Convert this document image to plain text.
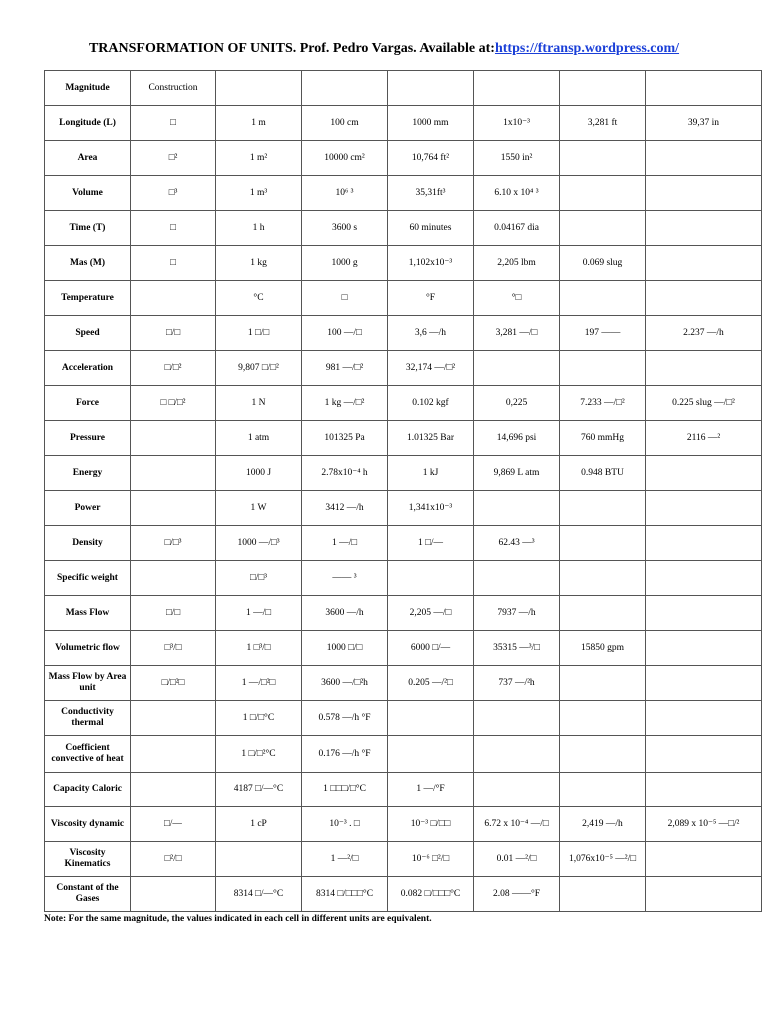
TRANSFORMATION OF UNITS. Prof. Pedro Vargas. Available at:https://ftransp.wordpress.com/
Magnitude	Construction						
Longitude (L)	□	1 m	100 cm	1000 mm	1x10⁻³	3,281 ft	39,37 in
Area	□²	1 m²	10000 cm²	10,764 ft²	1550 in²		
Volume	□³	1 m³	10⁶ ³	35,31ft³	6.10 x 10⁴ ³		
Time (T)	□	1 h	3600 s	60 minutes	0.04167 dia		
Mas (M)	□	1 kg	1000 g	1,102x10⁻³	2,205 lbm	0.069 slug	
Temperature		°C	□	°F	°□		
Speed	□/□	1 □/□	100 —/□	3,6 —/h	3,281 —/□	197 ——	2.237 —/h
Acceleration	□/□²	9,807 □/□²	981 —/□²	32,174 —/□²			
Force	□ □/□²	1 N	1 kg —/□²	0.102 kgf	0,225	7.233 —/□²	0.225 slug —/□²
Pressure		1 atm	101325 Pa	1.01325 Bar	14,696 psi	760 mmHg	2116 —²
Energy		1000 J	2.78x10⁻⁴ h	1 kJ	9,869 L atm	0.948 BTU	
Power		1 W	3412 —/h	1,341x10⁻³			
Density	□/□³	1000 —/□³	1 —/□	1 □/—	62.43 —³		
Specific weight		□/□³	—— ³				
Mass Flow	□/□	1 —/□	3600 —/h	2,205 —/□	7937 —/h		
Volumetric flow	□³/□	1 □³/□	1000 □/□	6000 □/—	35315 —³/□	15850 gpm	
Mass Flow by Area unit	□/□²□	1 —/□²□	3600 —/□²h	0.205 —/²□	737 —/²h		
Conductivity thermal		1 □/□°C	0.578 —/h °F				
Coefficient convective of heat		1 □/□²°C	0.176 —/h °F				
Capacity Caloric		4187 □/—°C	1 □□□/□°C	1 —/°F			
Viscosity dynamic	□/—	1 cP	10⁻³ . □	10⁻³ □/□□	6.72 x 10⁻⁴ —/□	2,419 —/h	2,089 x 10⁻⁵ —□/²
Viscosity Kinematics	□²/□		1 —²/□	10⁻⁶ □²/□	0.01 —²/□	1,076x10⁻⁵ —²/□	
Constant of the Gases		8314 □/—°C	8314 □/□□□°C	0.082 □/□□□°C	2.08 ——°F		
Note: For the same magnitude, the values indicated in each cell in different units are equivalent.
